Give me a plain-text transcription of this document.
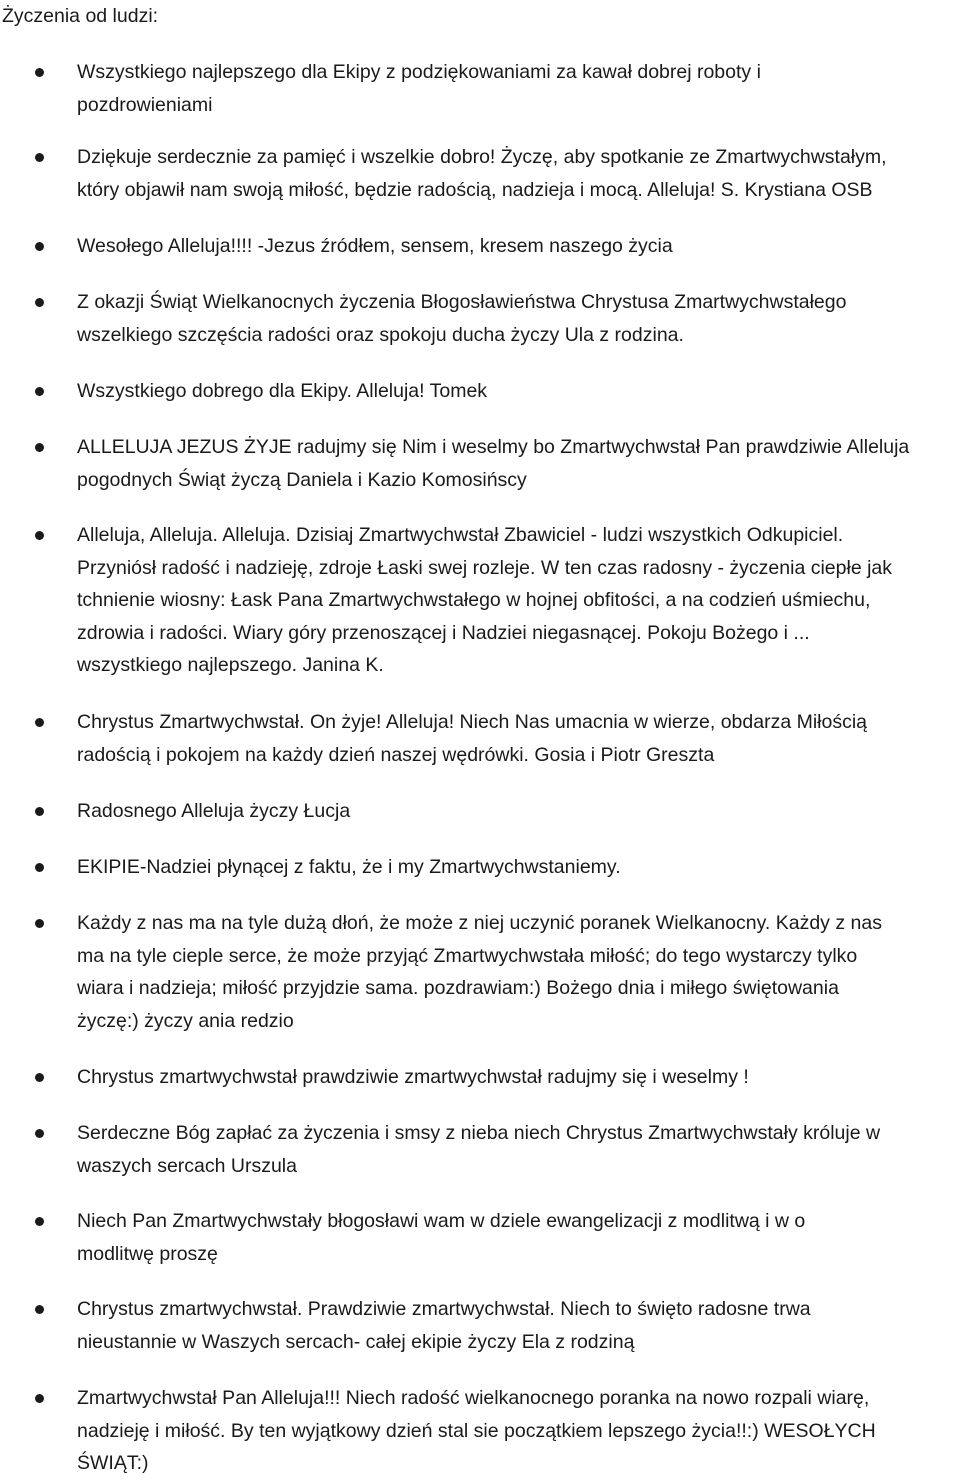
Życzenia od ludzi:
Wszystkiego najlepszego dla Ekipy z podziękowaniami za kawał dobrej roboty i
pozdrowieniami
Dziękuje serdecznie za pamięć i wszelkie dobro! Życzę, aby spotkanie ze Zmartwychwstałym,
który objawił nam swoją miłość, będzie radością, nadzieja i mocą. Alleluja! S. Krystiana OSB
Wesołego Alleluja!!!! -Jezus źródłem, sensem, kresem naszego życia
Z okazji Świąt Wielkanocnych życzenia Błogosławieństwa Chrystusa Zmartwychwstałego
wszelkiego szczęścia radości oraz spokoju ducha życzy Ula z rodzina.
Wszystkiego dobrego dla Ekipy. Alleluja! Tomek
ALLELUJA JEZUS ŻYJE radujmy się Nim i weselmy bo Zmartwychwstał Pan prawdziwie Alleluja
pogodnych Świąt życzą Daniela i Kazio Komosińscy
Alleluja, Alleluja. Alleluja. Dzisiaj Zmartwychwstał Zbawiciel - ludzi wszystkich Odkupiciel.
Przyniósł radość i nadzieję, zdroje Łaski swej rozleje. W ten czas radosny - życzenia ciepłe jak
tchnienie wiosny: Łask Pana Zmartwychwstałego w hojnej obfitości, a na codzień uśmiechu,
zdrowia i radości. Wiary góry przenoszącej i Nadziei niegasnącej. Pokoju Bożego i ...
wszystkiego najlepszego. Janina K.
Chrystus Zmartwychwstał. On żyje! Alleluja! Niech Nas umacnia w wierze, obdarza Miłością
radością i pokojem na każdy dzień naszej wędrówki. Gosia i Piotr Greszta
Radosnego Alleluja życzy Łucja
EKIPIE-Nadziei płynącej z faktu, że i my Zmartwychwstaniemy.
Każdy z nas ma na tyle dużą dłoń, że może z niej uczynić poranek Wielkanocny. Każdy z nas
ma na tyle cieple serce, że może przyjąć Zmartwychwstała miłość; do tego wystarczy tylko
wiara i nadzieja; miłość przyjdzie sama. pozdrawiam:) Bożego dnia i miłego świętowania
życzę:) życzy ania redzio
Chrystus zmartwychwstał prawdziwie zmartwychwstał radujmy się i weselmy !
Serdeczne Bóg zapłać za życzenia i smsy z nieba niech Chrystus Zmartwychwstały króluje w
waszych sercach Urszula
Niech Pan Zmartwychwstały błogosławi wam w dziele ewangelizacji z modlitwą i w o
modlitwę proszę
Chrystus zmartwychwstał. Prawdziwie zmartwychwstał. Niech to święto radosne trwa
nieustannie w Waszych sercach- całej ekipie życzy Ela z rodziną
Zmartwychwstał Pan Alleluja!!! Niech radość wielkanocnego poranka na nowo rozpali wiarę,
nadzieję i miłość. By ten wyjątkowy dzień stal sie początkiem lepszego życia!!:) WESOŁYCH
ŚWIĄT:)
